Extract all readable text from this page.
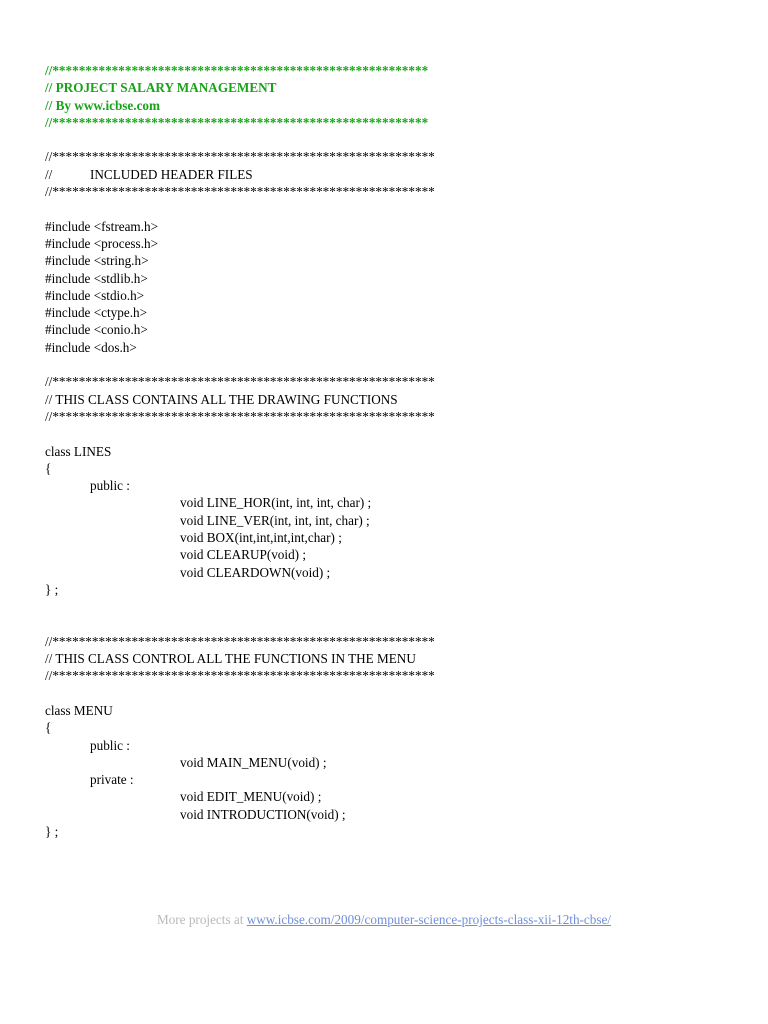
//*********************************************************
// PROJECT SALARY MANAGEMENT
// By www.icbse.com
//*********************************************************
//**********************************************************
//	INCLUDED HEADER FILES
//**********************************************************
#include <fstream.h>
#include <process.h>
#include <string.h>
#include <stdlib.h>
#include <stdio.h>
#include <ctype.h>
#include <conio.h>
#include <dos.h>
//**********************************************************
// THIS CLASS CONTAINS ALL THE DRAWING FUNCTIONS
//**********************************************************
class LINES
{
public :
void LINE_HOR(int, int, int, char) ;
void LINE_VER(int, int, int, char) ;
void BOX(int,int,int,int,char) ;
void CLEARUP(void) ;
void CLEARDOWN(void) ;
} ;
//**********************************************************
// THIS CLASS CONTROL ALL THE FUNCTIONS IN THE MENU
//**********************************************************
class MENU
{
public :
void MAIN_MENU(void) ;
private :
void EDIT_MENU(void) ;
void INTRODUCTION(void) ;
} ;
More projects at www.icbse.com/2009/computer-science-projects-class-xii-12th-cbse/
